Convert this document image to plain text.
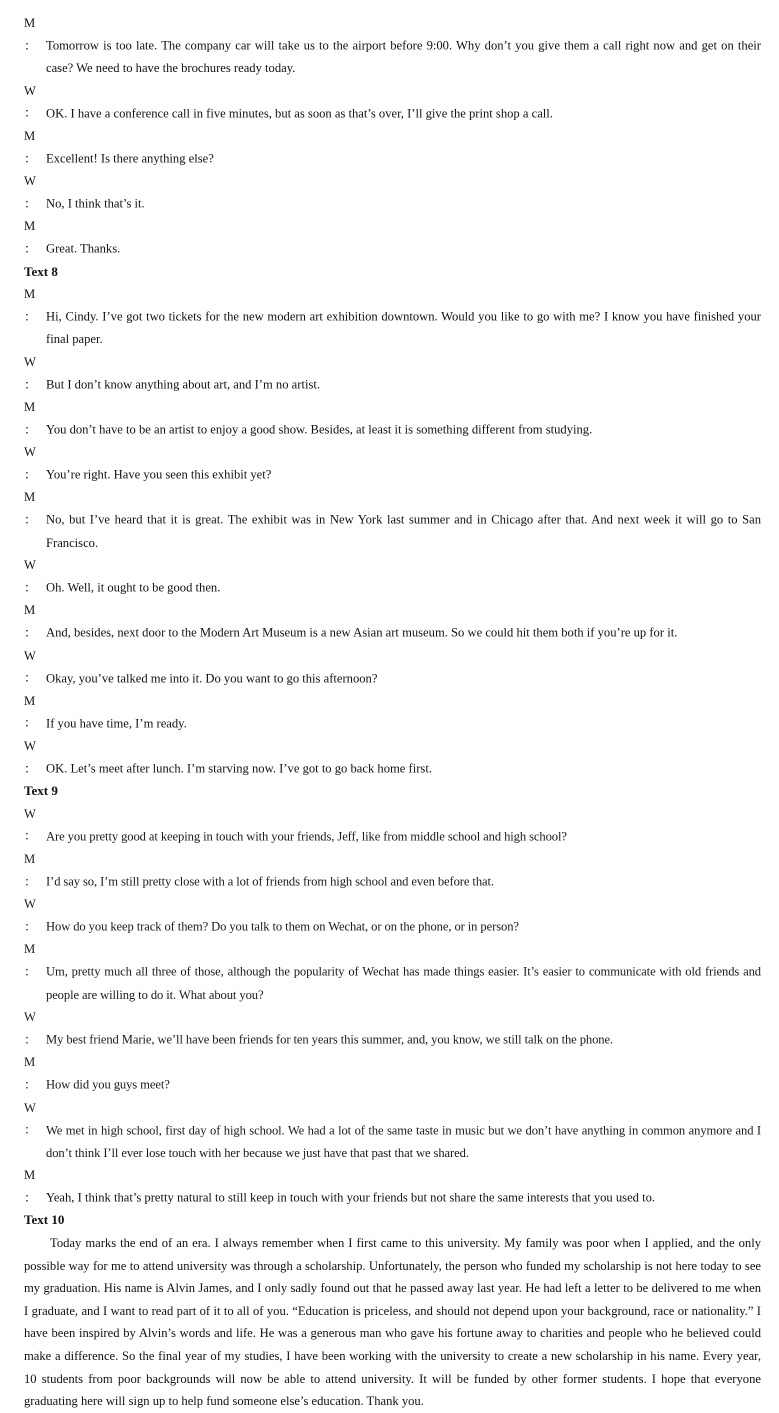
M： Tomorrow is too late. The company car will take us to the airport before 9:00. Why don’t you give them a call right now and get on their case? We need to have the brochures ready today.
W： OK. I have a conference call in five minutes, but as soon as that’s over, I’ll give the print shop a call.
M： Excellent! Is there anything else?
W： No, I think that’s it.
M： Great. Thanks.
Text 8
M： Hi, Cindy. I’ve got two tickets for the new modern art exhibition downtown. Would you like to go with me? I know you have finished your final paper.
W： But I don’t know anything about art, and I’m no artist.
M： You don’t have to be an artist to enjoy a good show. Besides, at least it is something different from studying.
W： You’re right. Have you seen this exhibit yet?
M： No, but I’ve heard that it is great. The exhibit was in New York last summer and in Chicago after that. And next week it will go to San Francisco.
W： Oh. Well, it ought to be good then.
M： And, besides, next door to the Modern Art Museum is a new Asian art museum. So we could hit them both if you’re up for it.
W： Okay, you’ve talked me into it. Do you want to go this afternoon?
M： If you have time, I’m ready.
W： OK. Let’s meet after lunch. I’m starving now. I’ve got to go back home first.
Text 9
W： Are you pretty good at keeping in touch with your friends, Jeff, like from middle school and high school?
M： I’d say so, I’m still pretty close with a lot of friends from high school and even before that.
W： How do you keep track of them? Do you talk to them on Wechat, or on the phone, or in person?
M： Um, pretty much all three of those, although the popularity of Wechat has made things easier. It’s easier to communicate with old friends and people are willing to do it. What about you?
W： My best friend Marie, we’ll have been friends for ten years this summer, and, you know, we still talk on the phone.
M： How did you guys meet?
W： We met in high school, first day of high school. We had a lot of the same taste in music but we don’t have anything in common anymore and I don’t think I’ll ever lose touch with her because we just have that past that we shared.
M： Yeah, I think that’s pretty natural to still keep in touch with your friends but not share the same interests that you used to.
Text 10
Today marks the end of an era. I always remember when I first came to this university. My family was poor when I applied, and the only possible way for me to attend university was through a scholarship. Unfortunately, the person who funded my scholarship is not here today to see my graduation. His name is Alvin James, and I only sadly found out that he passed away last year. He had left a letter to be delivered to me when I graduate, and I want to read part of it to all of you. “Education is priceless, and should not depend upon your background, race or nationality.” I have been inspired by Alvin’s words and life. He was a generous man who gave his fortune away to charities and people who he believed could make a difference. So the final year of my studies, I have been working with the university to create a new scholarship in his name. Every year, 10 students from poor backgrounds will now be able to attend university. It will be funded by other former students. I hope that everyone graduating here will sign up to help fund someone else’s education. Thank you.
